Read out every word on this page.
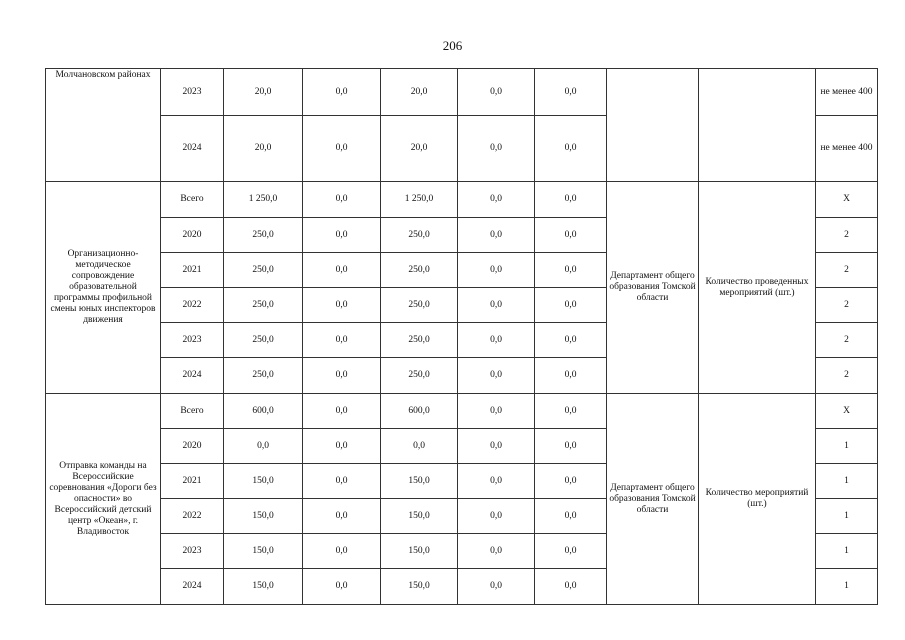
206
Молчановском районах	2023	20,0	0,0	20,0	0,0	0,0			не менее 400
	2024	20,0	0,0	20,0	0,0	0,0			не менее 400
Организационно-методическое сопровождение образовательной программы профильной смены юных инспекторов движения	Всего	1 250,0	0,0	1 250,0	0,0	0,0	Департамент общего образования Томской области	Количество проведенных мероприятий (шт.)	Х
	2020	250,0	0,0	250,0	0,0	0,0			2
	2021	250,0	0,0	250,0	0,0	0,0			2
	2022	250,0	0,0	250,0	0,0	0,0			2
	2023	250,0	0,0	250,0	0,0	0,0			2
	2024	250,0	0,0	250,0	0,0	0,0			2
Отправка команды на Всероссийские соревнования «Дороги без опасности» во Всероссийский детский центр «Океан», г. Владивосток	Всего	600,0	0,0	600,0	0,0	0,0	Департамент общего образования Томской области	Количество мероприятий (шт.)	Х
	2020	0,0	0,0	0,0	0,0	0,0			1
	2021	150,0	0,0	150,0	0,0	0,0			1
	2022	150,0	0,0	150,0	0,0	0,0			1
	2023	150,0	0,0	150,0	0,0	0,0			1
	2024	150,0	0,0	150,0	0,0	0,0			1
